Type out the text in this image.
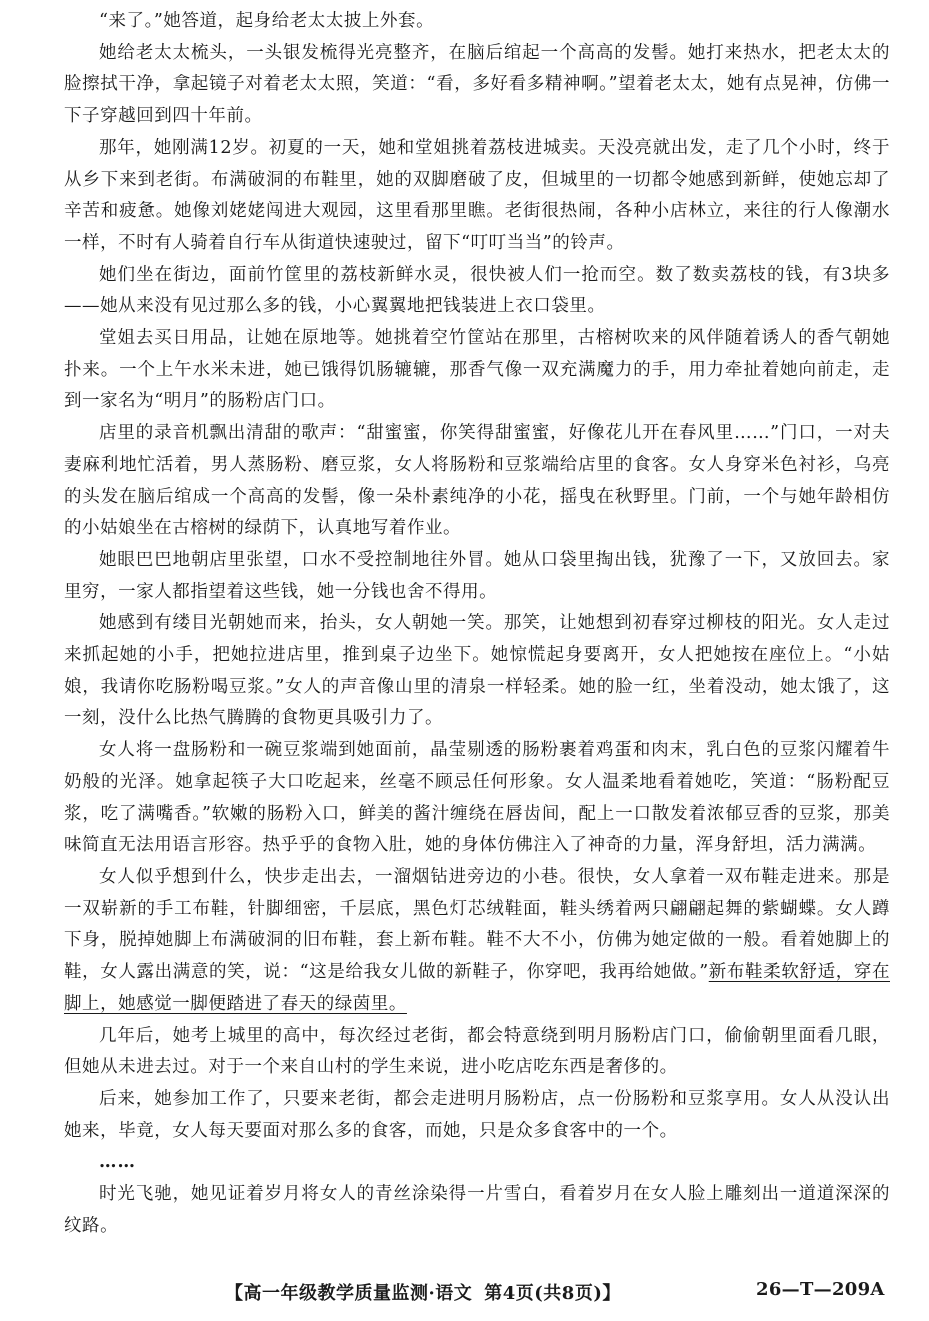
“来了。”她答道，起身给老太太披上外套。

她给老太太梳头，一头银发梳得光亮整齐，在脑后绾起一个高高的发髻。她打来热水，把老太太的脸擦拭干净，拿起镜子对着老太太照，笑道：“看，多好看多精神啊。”望着老太太，她有点晃神，仿佛一下子穿越回到四十年前。

那年，她刚满12岁。初夏的一天，她和堂姐挑着荔枝进城卖。天没亮就出发，走了几个小时，终于从乡下来到老街。布满破洞的布鞋里，她的双脚磨破了皮，但城里的一切都令她感到新鲜，使她忘却了辛苦和疲惫。她像刘姥姥闯进大观园，这里看那里瞧。老街很热闹，各种小店林立，来往的行人像潮水一样，不时有人骑着自行车从街道快速驶过，留下“叮叮当当”的铃声。

她们坐在街边，面前竹筐里的荔枝新鲜水灵，很快被人们一抢而空。数了数卖荔枝的钱，有3块多——她从来没有见过那么多的钱，小心翼翼地把钱装进上衣口袋里。

堂姐去买日用品，让她在原地等。她挑着空竹筐站在那里，古榕树吹来的风伴随着诱人的香气朝她扑来。一个上午水米未进，她已饿得饥肠辘辘，那香气像一双充满魔力的手，用力牵扯着她向前走，走到一家名为“明月”的肠粉店门口。

店里的录音机飘出清甜的歌声：“甜蜜蜜，你笑得甜蜜蜜，好像花儿开在春风里……”门口，一对夫妻麻利地忙活着，男人蒸肠粉、磨豆浆，女人将肠粉和豆浆端给店里的食客。女人身穿米色衬衫，乌亮的头发在脑后绾成一个高高的发髻，像一朵朴素纯净的小花，摇曳在秋野里。门前，一个与她年龄相仿的小姑娘坐在古榕树的绿荫下，认真地写着作业。

她眼巴巴地朝店里张望，口水不受控制地往外冒。她从口袋里掏出钱，犹豫了一下，又放回去。家里穷，一家人都指望着这些钱，她一分钱也舍不得用。

她感到有缕目光朝她而来，抬头，女人朝她一笑。那笑，让她想到初春穿过柳枝的阳光。女人走过来抓起她的小手，把她拉进店里，推到桌子边坐下。她惊慌起身要离开，女人把她按在座位上。“小姑娘，我请你吃肠粉喝豆浆。”女人的声音像山里的清泉一样轻柔。她的脸一红，坐着没动，她太饿了，这一刻，没什么比热气腾腾的食物更具吸引力了。

女人将一盘肠粉和一碗豆浆端到她面前，晶莹剔透的肠粉裹着鸡蛋和肉末，乳白色的豆浆闪耀着牛奶般的光泽。她拿起筷子大口吃起来，丝毫不顾忌任何形象。女人温柔地看着她吃，笑道：“肠粉配豆浆，吃了满嘴香。”软嫩的肠粉入口，鲜美的酱汁缠绕在唇齿间，配上一口散发着浓郁豆香的豆浆，那美味简直无法用语言形容。热乎乎的食物入肚，她的身体仿佛注入了神奇的力量，浑身舒坦，活力满满。

女人似乎想到什么，快步走出去，一溜烟钻进旁边的小巷。很快，女人拿着一双布鞋走进来。那是一双崭新的手工布鞋，针脚细密，千层底，黑色灯芯绒鞋面，鞋头绣着两只翩翩起舞的紫蝴蝶。女人蹲下身，脱掉她脚上布满破洞的旧布鞋，套上新布鞋。鞋不大不小，仿佛为她定做的一般。看着她脚上的鞋，女人露出满意的笑，说：“这是给我女儿做的新鞋子，你穿吧，我再给她做。”新布鞋柔软舒适，穿在脚上，她感觉一脚便踏进了春天的绿茵里。

几年后，她考上城里的高中，每次经过老街，都会特意绕到明月肠粉店门口，偷偷朝里面看几眼，但她从未进去过。对于一个来自山村的学生来说，进小吃店吃东西是奢侈的。

后来，她参加工作了，只要来老街，都会走进明月肠粉店，点一份肠粉和豆浆享用。女人从没认出她来，毕竟，女人每天要面对那么多的食客，而她，只是众多食客中的一个。

……

时光飞驰，她见证着岁月将女人的青丝涂染得一片雪白，看着岁月在女人脸上雕刻出一道道深深的纹路。

【高一年级教学质量监测·语文 第4页(共8页)】	26—T—209A
